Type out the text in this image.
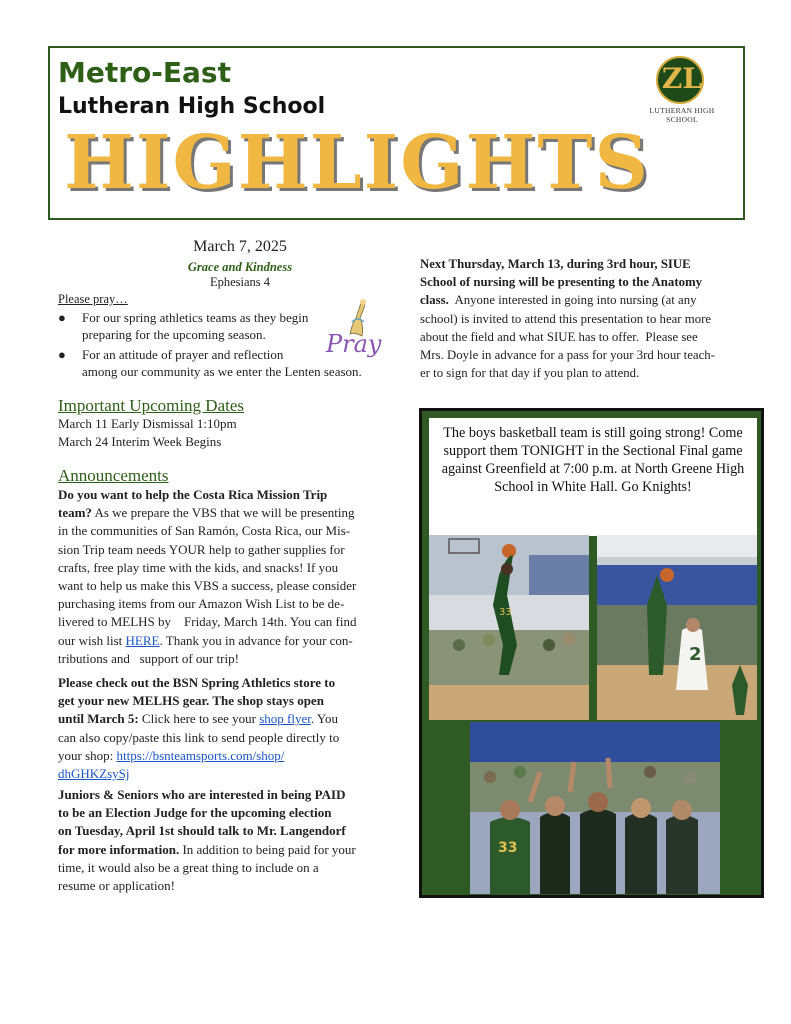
Metro-East
Lutheran High School
HIGHLIGHTS
ZL
LUTHERAN HIGH SCHOOL
March 7, 2025
Grace and Kindness
Ephesians 4
Please pray…
● For our spring athletics teams as they begin
preparing for the upcoming season.
● For an attitude of prayer and reflection
among our community as we enter the Lenten season.
Pray
Important Upcoming Dates
March 11 Early Dismissal 1:10pm
March 24 Interim Week Begins
Announcements
Do you want to help the Costa Rica Mission Trip
team? As we prepare the VBS that we will be presenting
in the communities of San Ramón, Costa Rica, our Mis-
sion Trip team needs YOUR help to gather supplies for
crafts, free play time with the kids, and snacks! If you
want to help us make this VBS a success, please consider
purchasing items from our Amazon Wish List to be de-
livered to MELHS by    Friday, March 14th. You can find
our wish list HERE. Thank you in advance for your con-
tributions and   support of our trip!
Please check out the BSN Spring Athletics store to
get your new MELHS gear. The shop stays open
until March 5: Click here to see your shop flyer. You
can also copy/paste this link to send people directly to
your shop: https://bsnteamsports.com/shop/
dhGHKZsySj
Juniors & Seniors who are interested in being PAID
to be an Election Judge for the upcoming election
on Tuesday, April 1st should talk to Mr. Langendorf
for more information. In addition to being paid for your
time, it would also be a great thing to include on a
resume or application!
Next Thursday, March 13, during 3rd hour, SIUE
School of nursing will be presenting to the Anatomy
class.  Anyone interested in going into nursing (at any
school) is invited to attend this presentation to hear more
about the field and what SIUE has to offer.  Please see
Mrs. Doyle in advance for a pass for your 3rd hour teach-
er to sign for that day if you plan to attend.
The boys basketball team is still going strong! Come support them TONIGHT in the Sectional Final game against Greenfield at 7:00 p.m. at North Greene High School in White Hall. Go Knights!
33
2
33
